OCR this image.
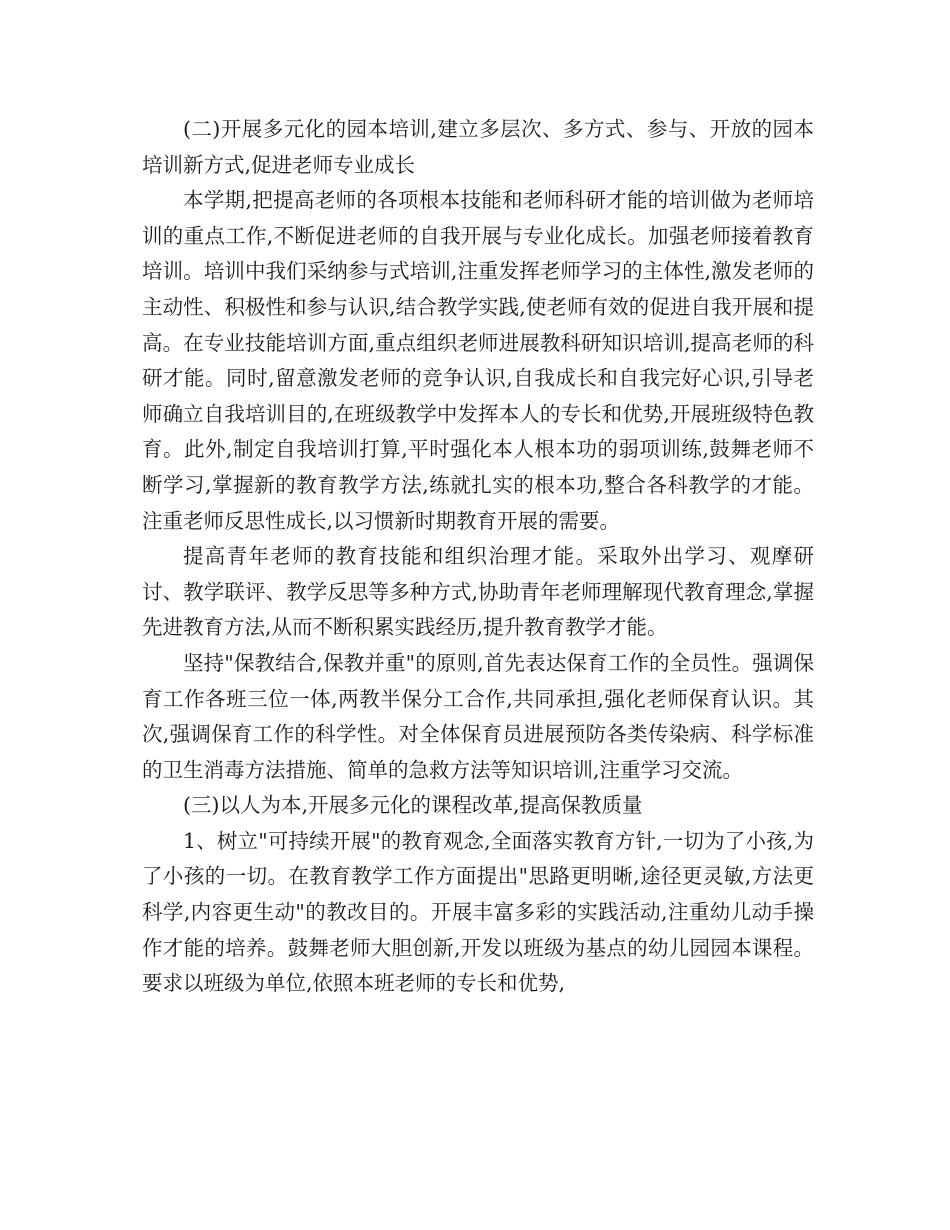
(二)开展多元化的园本培训,建立多层次、多方式、参与、开放的园本培训新方式,促进老师专业成长

本学期,把提高老师的各项根本技能和老师科研才能的培训做为老师培训的重点工作,不断促进老师的自我开展与专业化成长。加强老师接着教育培训。培训中我们采纳参与式培训,注重发挥老师学习的主体性,激发老师的主动性、积极性和参与认识,结合教学实践,使老师有效的促进自我开展和提高。在专业技能培训方面,重点组织老师进展教科研知识培训,提高老师的科研才能。同时,留意激发老师的竞争认识,自我成长和自我完好心识,引导老师确立自我培训目的,在班级教学中发挥本人的专长和优势,开展班级特色教育。此外,制定自我培训打算,平时强化本人根本功的弱项训练,鼓舞老师不断学习,掌握新的教育教学方法,练就扎实的根本功,整合各科教学的才能。注重老师反思性成长,以习惯新时期教育开展的需要。

提高青年老师的教育技能和组织治理才能。采取外出学习、观摩研讨、教学联评、教学反思等多种方式,协助青年老师理解现代教育理念,掌握先进教育方法,从而不断积累实践经历,提升教育教学才能。

坚持"保教结合,保教并重"的原则,首先表达保育工作的全员性。强调保育工作各班三位一体,两教半保分工合作,共同承担,强化老师保育认识。其次,强调保育工作的科学性。对全体保育员进展预防各类传染病、科学标准的卫生消毒方法措施、简单的急救方法等知识培训,注重学习交流。

(三)以人为本,开展多元化的课程改革,提高保教质量

1、树立"可持续开展"的教育观念,全面落实教育方针,一切为了小孩,为了小孩的一切。在教育教学工作方面提出"思路更明晰,途径更灵敏,方法更科学,内容更生动"的教改目的。开展丰富多彩的实践活动,注重幼儿动手操作才能的培养。鼓舞老师大胆创新,开发以班级为基点的幼儿园园本课程。要求以班级为单位,依照本班老师的专长和优势,
